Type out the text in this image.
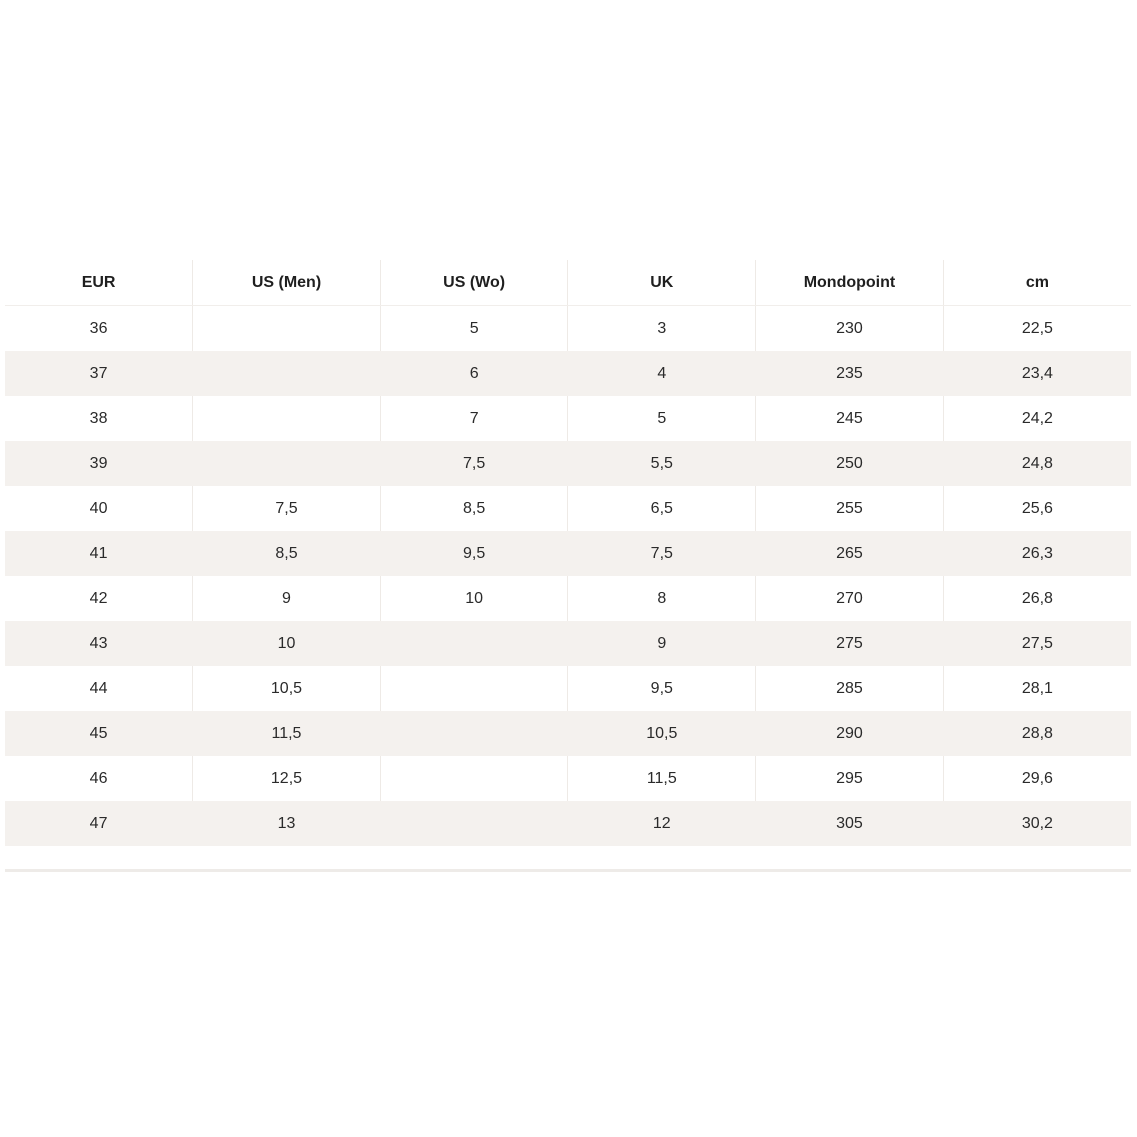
EUR	US (Men)	US (Wo)	UK	Mondopoint	cm
36		5	3	230	22,5
37		6	4	235	23,4
38		7	5	245	24,2
39		7,5	5,5	250	24,8
40	7,5	8,5	6,5	255	25,6
41	8,5	9,5	7,5	265	26,3
42	9	10	8	270	26,8
43	10		9	275	27,5
44	10,5		9,5	285	28,1
45	11,5		10,5	290	28,8
46	12,5		11,5	295	29,6
47	13		12	305	30,2
